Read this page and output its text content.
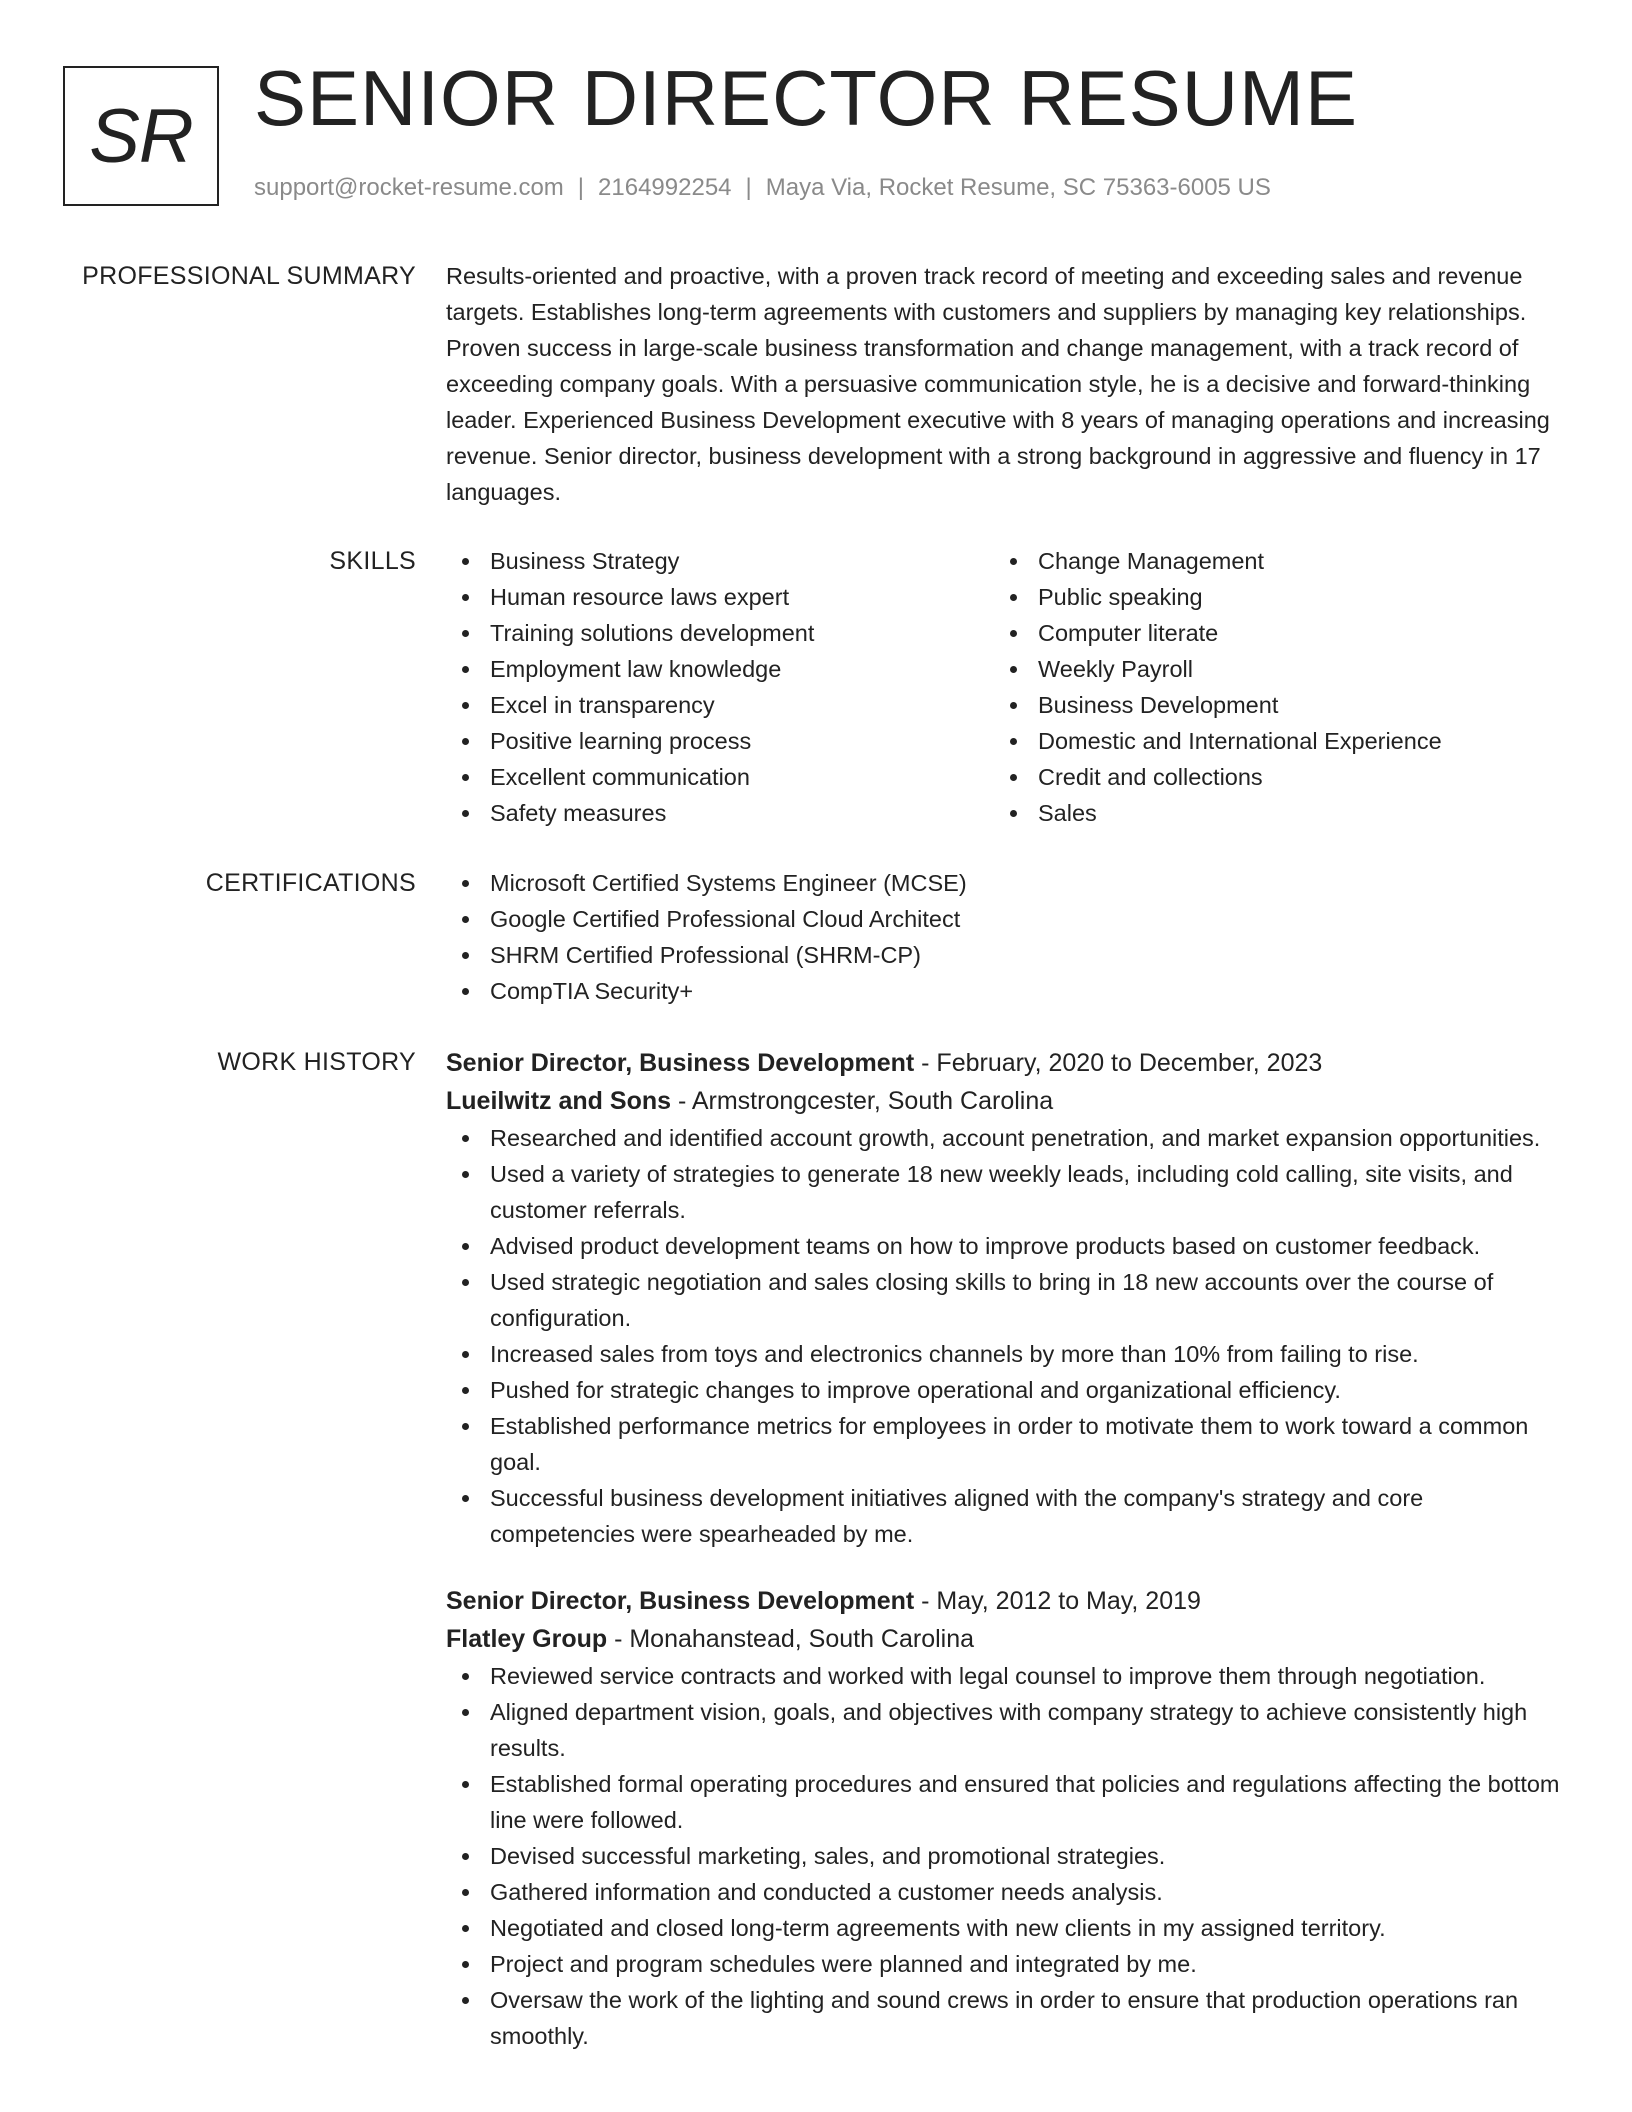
SR SENIOR DIRECTOR RESUME
support@rocket-resume.com | 2164992254 | Maya Via, Rocket Resume, SC 75363-6005 US
PROFESSIONAL SUMMARY Results-oriented and proactive, with a proven track record of meeting and exceeding sales and revenue targets. Establishes long-term agreements with customers and suppliers by managing key relationships. Proven success in large-scale business transformation and change management, with a track record of exceeding company goals. With a persuasive communication style, he is a decisive and forward-thinking leader. Experienced Business Development executive with 8 years of managing operations and increasing revenue. Senior director, business development with a strong background in aggressive and fluency in 17 languages.

SKILLS	Business Strategy
Human resource laws expert
Training solutions development
Employment law knowledge
Excel in transparency
Positive learning process
Excellent communication
Safety measures
Change Management
Public speaking
Computer literate
Weekly Payroll
Business Development
Domestic and International Experience
Credit and collections
Sales
CERTIFICATIONS	Microsoft Certified Systems Engineer (MCSE)
Google Certified Professional Cloud Architect
SHRM Certified Professional (SHRM-CP)
CompTIA Security+
WORK HISTORY Senior Director, Business Development - February, 2020 to December, 2023
Lueilwitz and Sons - Armstrongcester, South Carolina
Researched and identified account growth, account penetration, and market expansion opportunities.
Used a variety of strategies to generate 18 new weekly leads, including cold calling, site visits, and customer referrals.
Advised product development teams on how to improve products based on customer feedback.
Used strategic negotiation and sales closing skills to bring in 18 new accounts over the course of configuration.
Increased sales from toys and electronics channels by more than 10% from failing to rise.
Pushed for strategic changes to improve operational and organizational efficiency.
Established performance metrics for employees in order to motivate them to work toward a common goal.
Successful business development initiatives aligned with the company's strategy and core competencies were spearheaded by me.
Senior Director, Business Development - May, 2012 to May, 2019
Flatley Group - Monahanstead, South Carolina
Reviewed service contracts and worked with legal counsel to improve them through negotiation.
Aligned department vision, goals, and objectives with company strategy to achieve consistently high results.
Established formal operating procedures and ensured that policies and regulations affecting the bottom line were followed.
Devised successful marketing, sales, and promotional strategies.
Gathered information and conducted a customer needs analysis.
Negotiated and closed long-term agreements with new clients in my assigned territory.
Project and program schedules were planned and integrated by me.
Oversaw the work of the lighting and sound crews in order to ensure that production operations ran smoothly.
